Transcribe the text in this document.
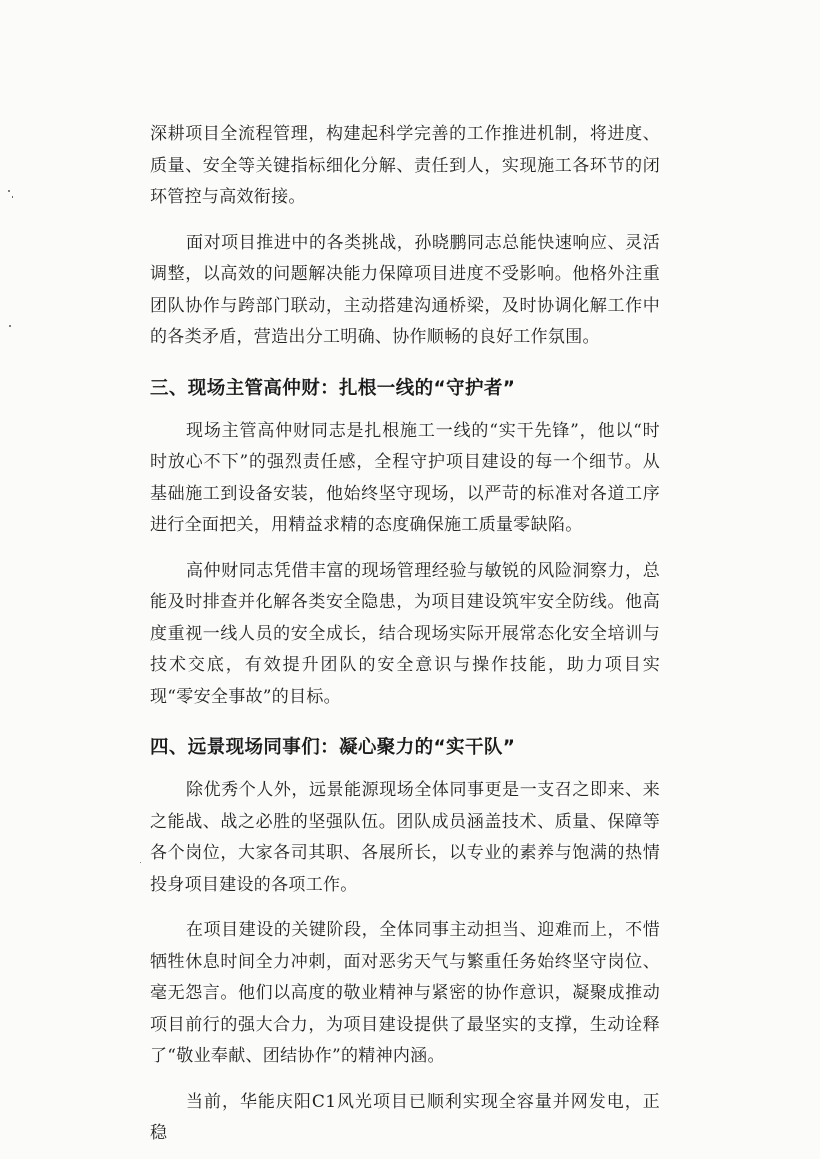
深耕项目全流程管理，构建起科学完善的工作推进机制，将进度、质量、安全等关键指标细化分解、责任到人，实现施工各环节的闭环管控与高效衔接。

面对项目推进中的各类挑战，孙晓鹏同志总能快速响应、灵活调整，以高效的问题解决能力保障项目进度不受影响。他格外注重团队协作与跨部门联动，主动搭建沟通桥梁，及时协调化解工作中的各类矛盾，营造出分工明确、协作顺畅的良好工作氛围。

三、现场主管高仲财：扎根一线的“守护者”

现场主管高仲财同志是扎根施工一线的“实干先锋”，他以“时时放心不下”的强烈责任感，全程守护项目建设的每一个细节。从基础施工到设备安装，他始终坚守现场，以严苛的标准对各道工序进行全面把关，用精益求精的态度确保施工质量零缺陷。

高仲财同志凭借丰富的现场管理经验与敏锐的风险洞察力，总能及时排查并化解各类安全隐患，为项目建设筑牢安全防线。他高度重视一线人员的安全成长，结合现场实际开展常态化安全培训与技术交底，有效提升团队的安全意识与操作技能，助力项目实现“零安全事故”的目标。

四、远景现场同事们：凝心聚力的“实干队”

除优秀个人外，远景能源现场全体同事更是一支召之即来、来之能战、战之必胜的坚强队伍。团队成员涵盖技术、质量、保障等各个岗位，大家各司其职、各展所长，以专业的素养与饱满的热情投身项目建设的各项工作。

在项目建设的关键阶段，全体同事主动担当、迎难而上，不惜牺牲休息时间全力冲刺，面对恶劣天气与繁重任务始终坚守岗位、毫无怨言。他们以高度的敬业精神与紧密的协作意识，凝聚成推动项目前行的强大合力，为项目建设提供了最坚实的支撑，生动诠释了“敬业奉献、团结协作”的精神内涵。

当前，华能庆阳C1风光项目已顺利实现全容量并网发电，正稳
